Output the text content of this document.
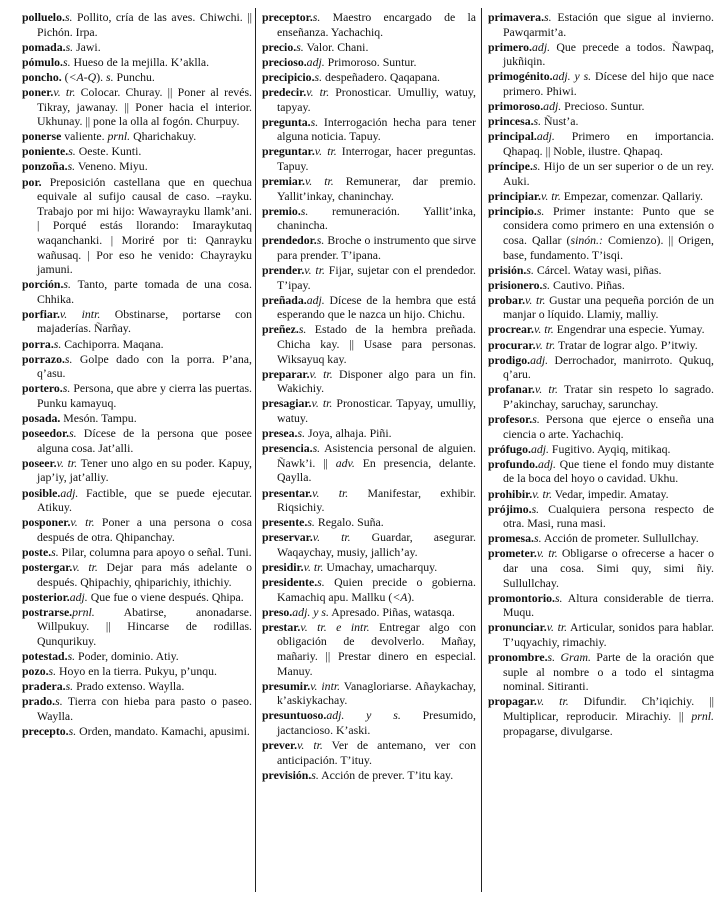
polluelo.s. Pollito, cría de las aves. Chiwchi. || Pichón. Irpa.

pomada.s. Jawi.

pómulo.s. Hueso de la mejilla. K’aklla.

poncho. (<A-Q). s. Punchu.

poner.v. tr. Colocar. Churay. || Poner al revés. Tikray, jawanay. || Poner hacia el interior. Ukhunay. || pone la olla al fogón. Churpuy.

ponerse valiente. prnl. Qharichakuy.

poniente.s. Oeste. Kunti.

ponzoña.s. Veneno. Miyu.

por. Preposición castellana que en quechua equivale al sufijo causal de caso. –rayku. Trabajo por mi hijo: Wawayrayku llamk’ani. | Porqué estás llorando: Imaraykutaq waqanchanki. | Moriré por ti: Qanrayku wañusaq. | Por eso he venido: Chayrayku jamuni.

porción.s. Tanto, parte tomada de una cosa. Chhika.

porfiar.v. intr. Obstinarse, portarse con majaderías. Ñarñay.

porra.s. Cachiporra. Maqana.

porrazo.s. Golpe dado con la porra. P’ana, q’asu.

portero.s. Persona, que abre y cierra las puertas. Punku kamayuq.

posada. Mesón. Tampu.

poseedor.s. Dícese de la persona que posee alguna cosa. Jat’alli.

poseer.v. tr. Tener uno algo en su poder. Kapuy, jap’iy, jat’alliy.

posible.adj. Factible, que se puede ejecutar. Atikuy.

posponer.v. tr. Poner a una persona o cosa después de otra. Qhipanchay.

poste.s. Pilar, columna para apoyo o señal. Tuni.

postergar.v. tr. Dejar para más adelante o después. Qhipachiy, qhiparichiy, ithichiy.

posterior.adj. Que fue o viene después. Qhipa.

postrarse.prnl. Abatirse, anonadarse. Willpukuy. || Hincarse de rodillas. Qunqurikuy.

potestad.s. Poder, dominio. Atiy.

pozo.s. Hoyo en la tierra. Pukyu, p’unqu.

pradera.s. Prado extenso. Waylla.

prado.s. Tierra con hieba para pasto o paseo. Waylla.

precepto.s. Orden, mandato. Kamachi, apusimi.

preceptor.s. Maestro encargado de la enseñanza. Yachachiq.

precio.s. Valor. Chani.

precioso.adj. Primoroso. Suntur.

precipicio.s. despeñadero. Qaqapana.

predecir.v. tr. Pronosticar. Umulliy, watuy, tapyay.

pregunta.s. Interrogación hecha para tener alguna noticia. Tapuy.

preguntar.v. tr. Interrogar, hacer preguntas. Tapuy.

premiar.v. tr. Remunerar, dar premio. Yallit’inkay, chaninchay.

premio.s. remuneración. Yallit’inka, chanincha.

prendedor.s. Broche o instrumento que sirve para prender. T’ipana.

prender.v. tr. Fijar, sujetar con el prendedor. T’ipay.

preñada.adj. Dícese de la hembra que está esperando que le nazca un hijo. Chichu.

preñez.s. Estado de la hembra preñada. Chicha kay. || Usase para personas. Wiksayuq kay.

preparar.v. tr. Disponer algo para un fin. Wakichiy.

presagiar.v. tr. Pronosticar. Tapyay, umulliy, watuy.

presea.s. Joya, alhaja. Piñi.

presencia.s. Asistencia personal de alguien. Ñawk’i. || adv. En presencia, delante. Qaylla.

presentar.v. tr. Manifestar, exhibir. Riqsichiy.

presente.s. Regalo. Suña.

preservar.v. tr. Guardar, asegurar. Waqaychay, musiy, jallich’ay.

presidir.v. tr. Umachay, umacharquy.

presidente.s. Quien precide o gobierna. Kamachiq apu. Mallku (<A).

preso.adj. y s. Apresado. Piñas, watasqa.

prestar.v. tr. e intr. Entregar algo con obligación de devolverlo. Mañay, mañariy. || Prestar dinero en especial. Manuy.

presumir.v. intr. Vanagloriarse. Añaykachay, k’askiykachay.

presuntuoso.adj. y s. Presumido, jactancioso. K’aski.

prever.v. tr. Ver de antemano, ver con anticipación. T’ituy.

previsión.s. Acción de prever. T’itu kay.

primavera.s. Estación que sigue al invierno. Pawqarmit’a.

primero.adj. Que precede a todos. Ñawpaq, jukñiqin.

primogénito.adj. y s. Dícese del hijo que nace primero. Phiwi.

primoroso.adj. Precioso. Suntur.

princesa.s. Ñust’a.

principal.adj. Primero en importancia. Qhapaq. || Noble, ilustre. Qhapaq.

príncipe.s. Hijo de un ser superior o de un rey. Auki.

principiar.v. tr. Empezar, comenzar. Qallariy.

principio.s. Primer instante: Punto que se considera como primero en una extensión o cosa. Qallar (sinón.: Comienzo). || Origen, base, fundamento. T’isqi.

prisión.s. Cárcel. Watay wasi, piñas.

prisionero.s. Cautivo. Piñas.

probar.v. tr. Gustar una pequeña porción de un manjar o líquido. Llamiy, malliy.

procrear.v. tr. Engendrar una especie. Yumay.

procurar.v. tr. Tratar de lograr algo. P’itwiy.

prodigo.adj. Derrochador, manirroto. Qukuq, q’aru.

profanar.v. tr. Tratar sin respeto lo sagrado. P’akinchay, saruchay, sarunchay.

profesor.s. Persona que ejerce o enseña una ciencia o arte. Yachachiq.

prófugo.adj. Fugitivo. Ayqiq, mitikaq.

profundo.adj. Que tiene el fondo muy distante de la boca del hoyo o cavidad. Ukhu.

prohibir.v. tr. Vedar, impedir. Amatay.

prójimo.s. Cualquiera persona respecto de otra. Masi, runa masi.

promesa.s. Acción de prometer. Sullullchay.

prometer.v. tr. Obligarse o ofrecerse a hacer o dar una cosa. Simi quy, simi ñiy. Sullullchay.

promontorio.s. Altura considerable de tierra. Muqu.

pronunciar.v. tr. Articular, sonidos para hablar. T’uqyachiy, rimachiy.

pronombre.s. Gram. Parte de la oración que suple al nombre o a todo el sintagma nominal. Sitiranti.

propagar.v. tr. Difundir. Ch’iqichiy. || Multiplicar, reproducir. Mirachiy. || prnl. propagarse, divulgarse.
